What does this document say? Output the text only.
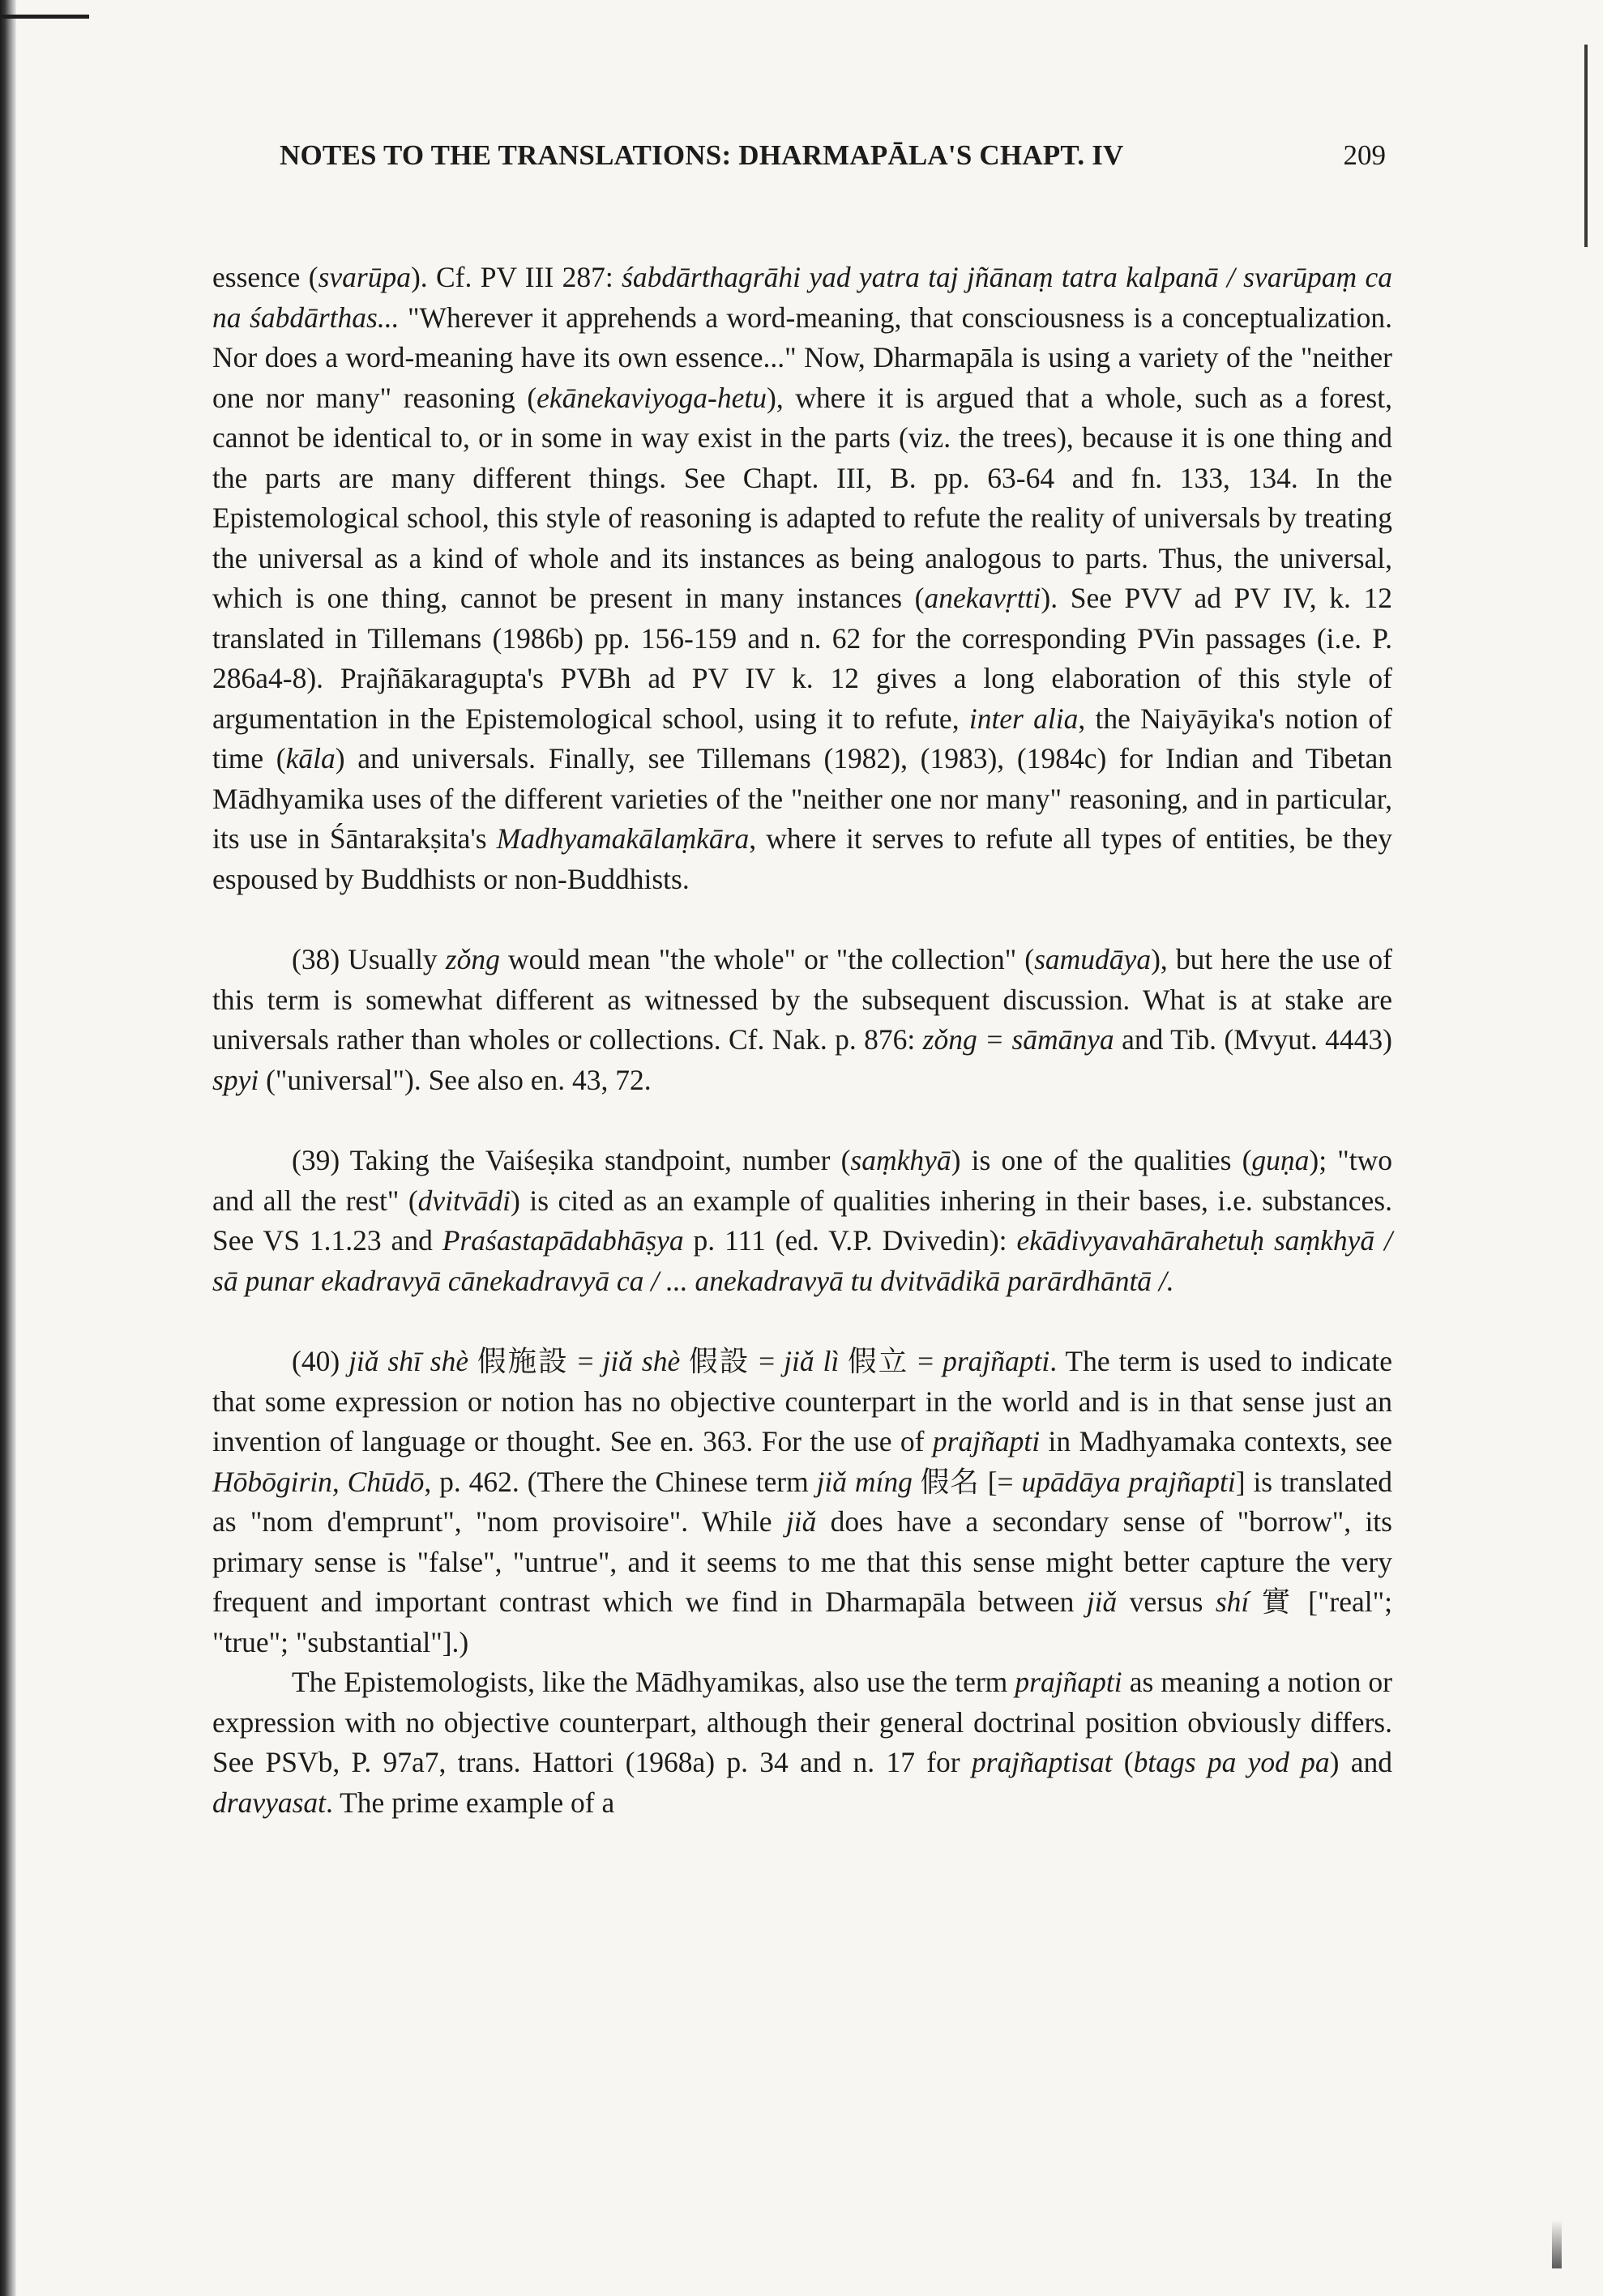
NOTES TO THE TRANSLATIONS: DHARMAPĀLA'S CHAPT. IV	209

essence (svarūpa). Cf. PV III 287: śabdārthagrāhi yad yatra taj jñānaṃ tatra kalpanā / svarūpaṃ ca na śabdārthas... "Wherever it apprehends a word-meaning, that consciousness is a conceptualization. Nor does a word-meaning have its own essence..." Now, Dharmapāla is using a variety of the "neither one nor many" reasoning (ekānekaviyoga-hetu), where it is argued that a whole, such as a forest, cannot be identical to, or in some in way exist in the parts (viz. the trees), because it is one thing and the parts are many different things. See Chapt. III, B. pp. 63-64 and fn. 133, 134. In the Epistemological school, this style of reasoning is adapted to refute the reality of universals by treating the universal as a kind of whole and its instances as being analogous to parts. Thus, the universal, which is one thing, cannot be present in many instances (anekavṛtti). See PVV ad PV IV, k. 12 translated in Tillemans (1986b) pp. 156-159 and n. 62 for the corresponding PVin passages (i.e. P. 286a4-8). Prajñākaragupta's PVBh ad PV IV k. 12 gives a long elaboration of this style of argumentation in the Epistemological school, using it to refute, inter alia, the Naiyāyika's notion of time (kāla) and universals. Finally, see Tillemans (1982), (1983), (1984c) for Indian and Tibetan Mādhyamika uses of the different varieties of the "neither one nor many" reasoning, and in particular, its use in Śāntarakṣita's Madhyamakālaṃkāra, where it serves to refute all types of entities, be they espoused by Buddhists or non-Buddhists.

(38) Usually zǒng would mean "the whole" or "the collection" (samudāya), but here the use of this term is somewhat different as witnessed by the subsequent discussion. What is at stake are universals rather than wholes or collections. Cf. Nak. p. 876: zǒng = sāmānya and Tib. (Mvyut. 4443) spyi ("universal"). See also en. 43, 72.

(39) Taking the Vaiśeṣika standpoint, number (saṃkhyā) is one of the qualities (guṇa); "two and all the rest" (dvitvādi) is cited as an example of qualities inhering in their bases, i.e. substances. See VS 1.1.23 and Praśastapādabhāṣya p. 111 (ed. V.P. Dvivedin): ekādivyavahārahetuḥ saṃkhyā / sā punar ekadravyā cānekadravyā ca / ... anekadravyā tu dvitvādikā parārdhāntā /.

(40) jiǎ shī shè 假施設 = jiǎ shè 假設 = jiǎ lì 假立 = prajñapti. The term is used to indicate that some expression or notion has no objective counterpart in the world and is in that sense just an invention of language or thought. See en. 363. For the use of prajñapti in Madhyamaka contexts, see Hōbōgirin, Chūdō, p. 462. (There the Chinese term jiǎ míng 假名 [= upādāya prajñapti] is translated as "nom d'emprunt", "nom provisoire". While jiǎ does have a secondary sense of "borrow", its primary sense is "false", "untrue", and it seems to me that this sense might better capture the very frequent and important contrast which we find in Dharmapāla between jiǎ versus shí 實 ["real"; "true"; "substantial"].)

The Epistemologists, like the Mādhyamikas, also use the term prajñapti as meaning a notion or expression with no objective counterpart, although their general doctrinal position obviously differs. See PSVb, P. 97a7, trans. Hattori (1968a) p. 34 and n. 17 for prajñaptisat (btags pa yod pa) and dravyasat. The prime example of a
